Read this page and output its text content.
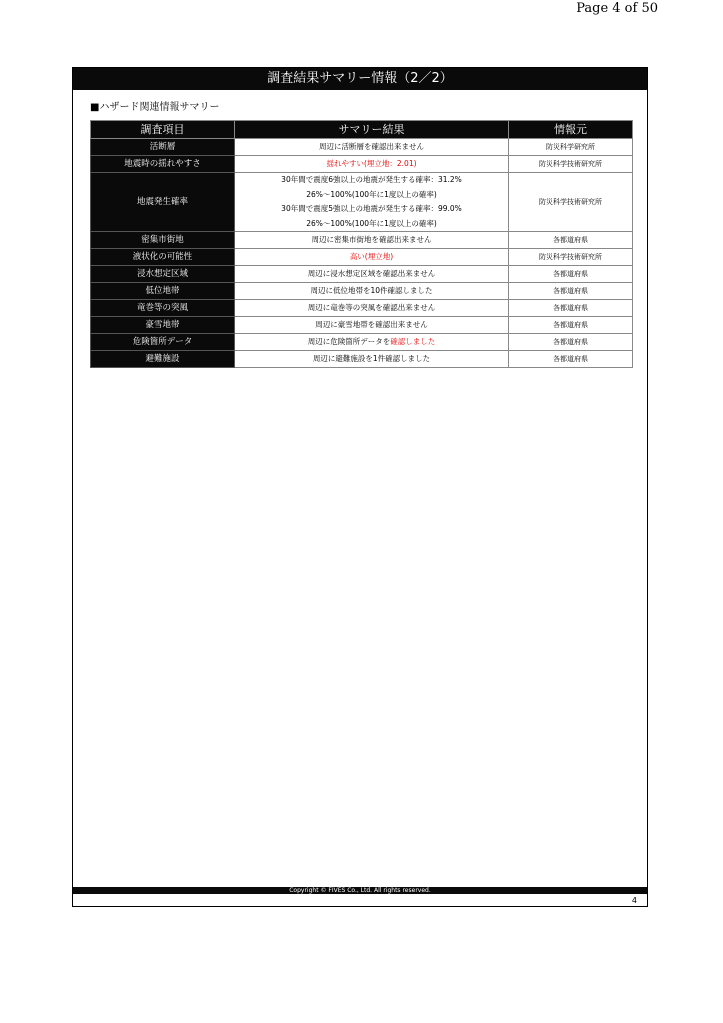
Page 4 of 50
調査結果サマリー情報（2／2）
■ハザード関連情報サマリー
調査項目	サマリー結果	情報元
活断層	周辺に活断層を確認出来ません	防災科学研究所
地震時の揺れやすさ	揺れやすい(埋立地：2.01)	防災科学技術研究所
地震発生確率	30年間で震度6強以上の地震が発生する確率：31.2%
26%～100%(100年に1度以上の確率)
30年間で震度5強以上の地震が発生する確率：99.0%
26%～100%(100年に1度以上の確率)	防災科学技術研究所
密集市街地	周辺に密集市街地を確認出来ません	各都道府県
液状化の可能性	高い(埋立地)	防災科学技術研究所
浸水想定区域	周辺に浸水想定区域を確認出来ません	各都道府県
低位地帯	周辺に低位地帯を10件確認しました	各都道府県
竜巻等の突風	周辺に竜巻等の突風を確認出来ません	各都道府県
豪雪地帯	周辺に豪雪地帯を確認出来ません	各都道府県
危険箇所データ	周辺に危険箇所データを確認しました	各都道府県
避難施設	周辺に避難施設を1件確認しました	各都道府県
Copyright © FIVES Co., Ltd. All rights reserved.
4
